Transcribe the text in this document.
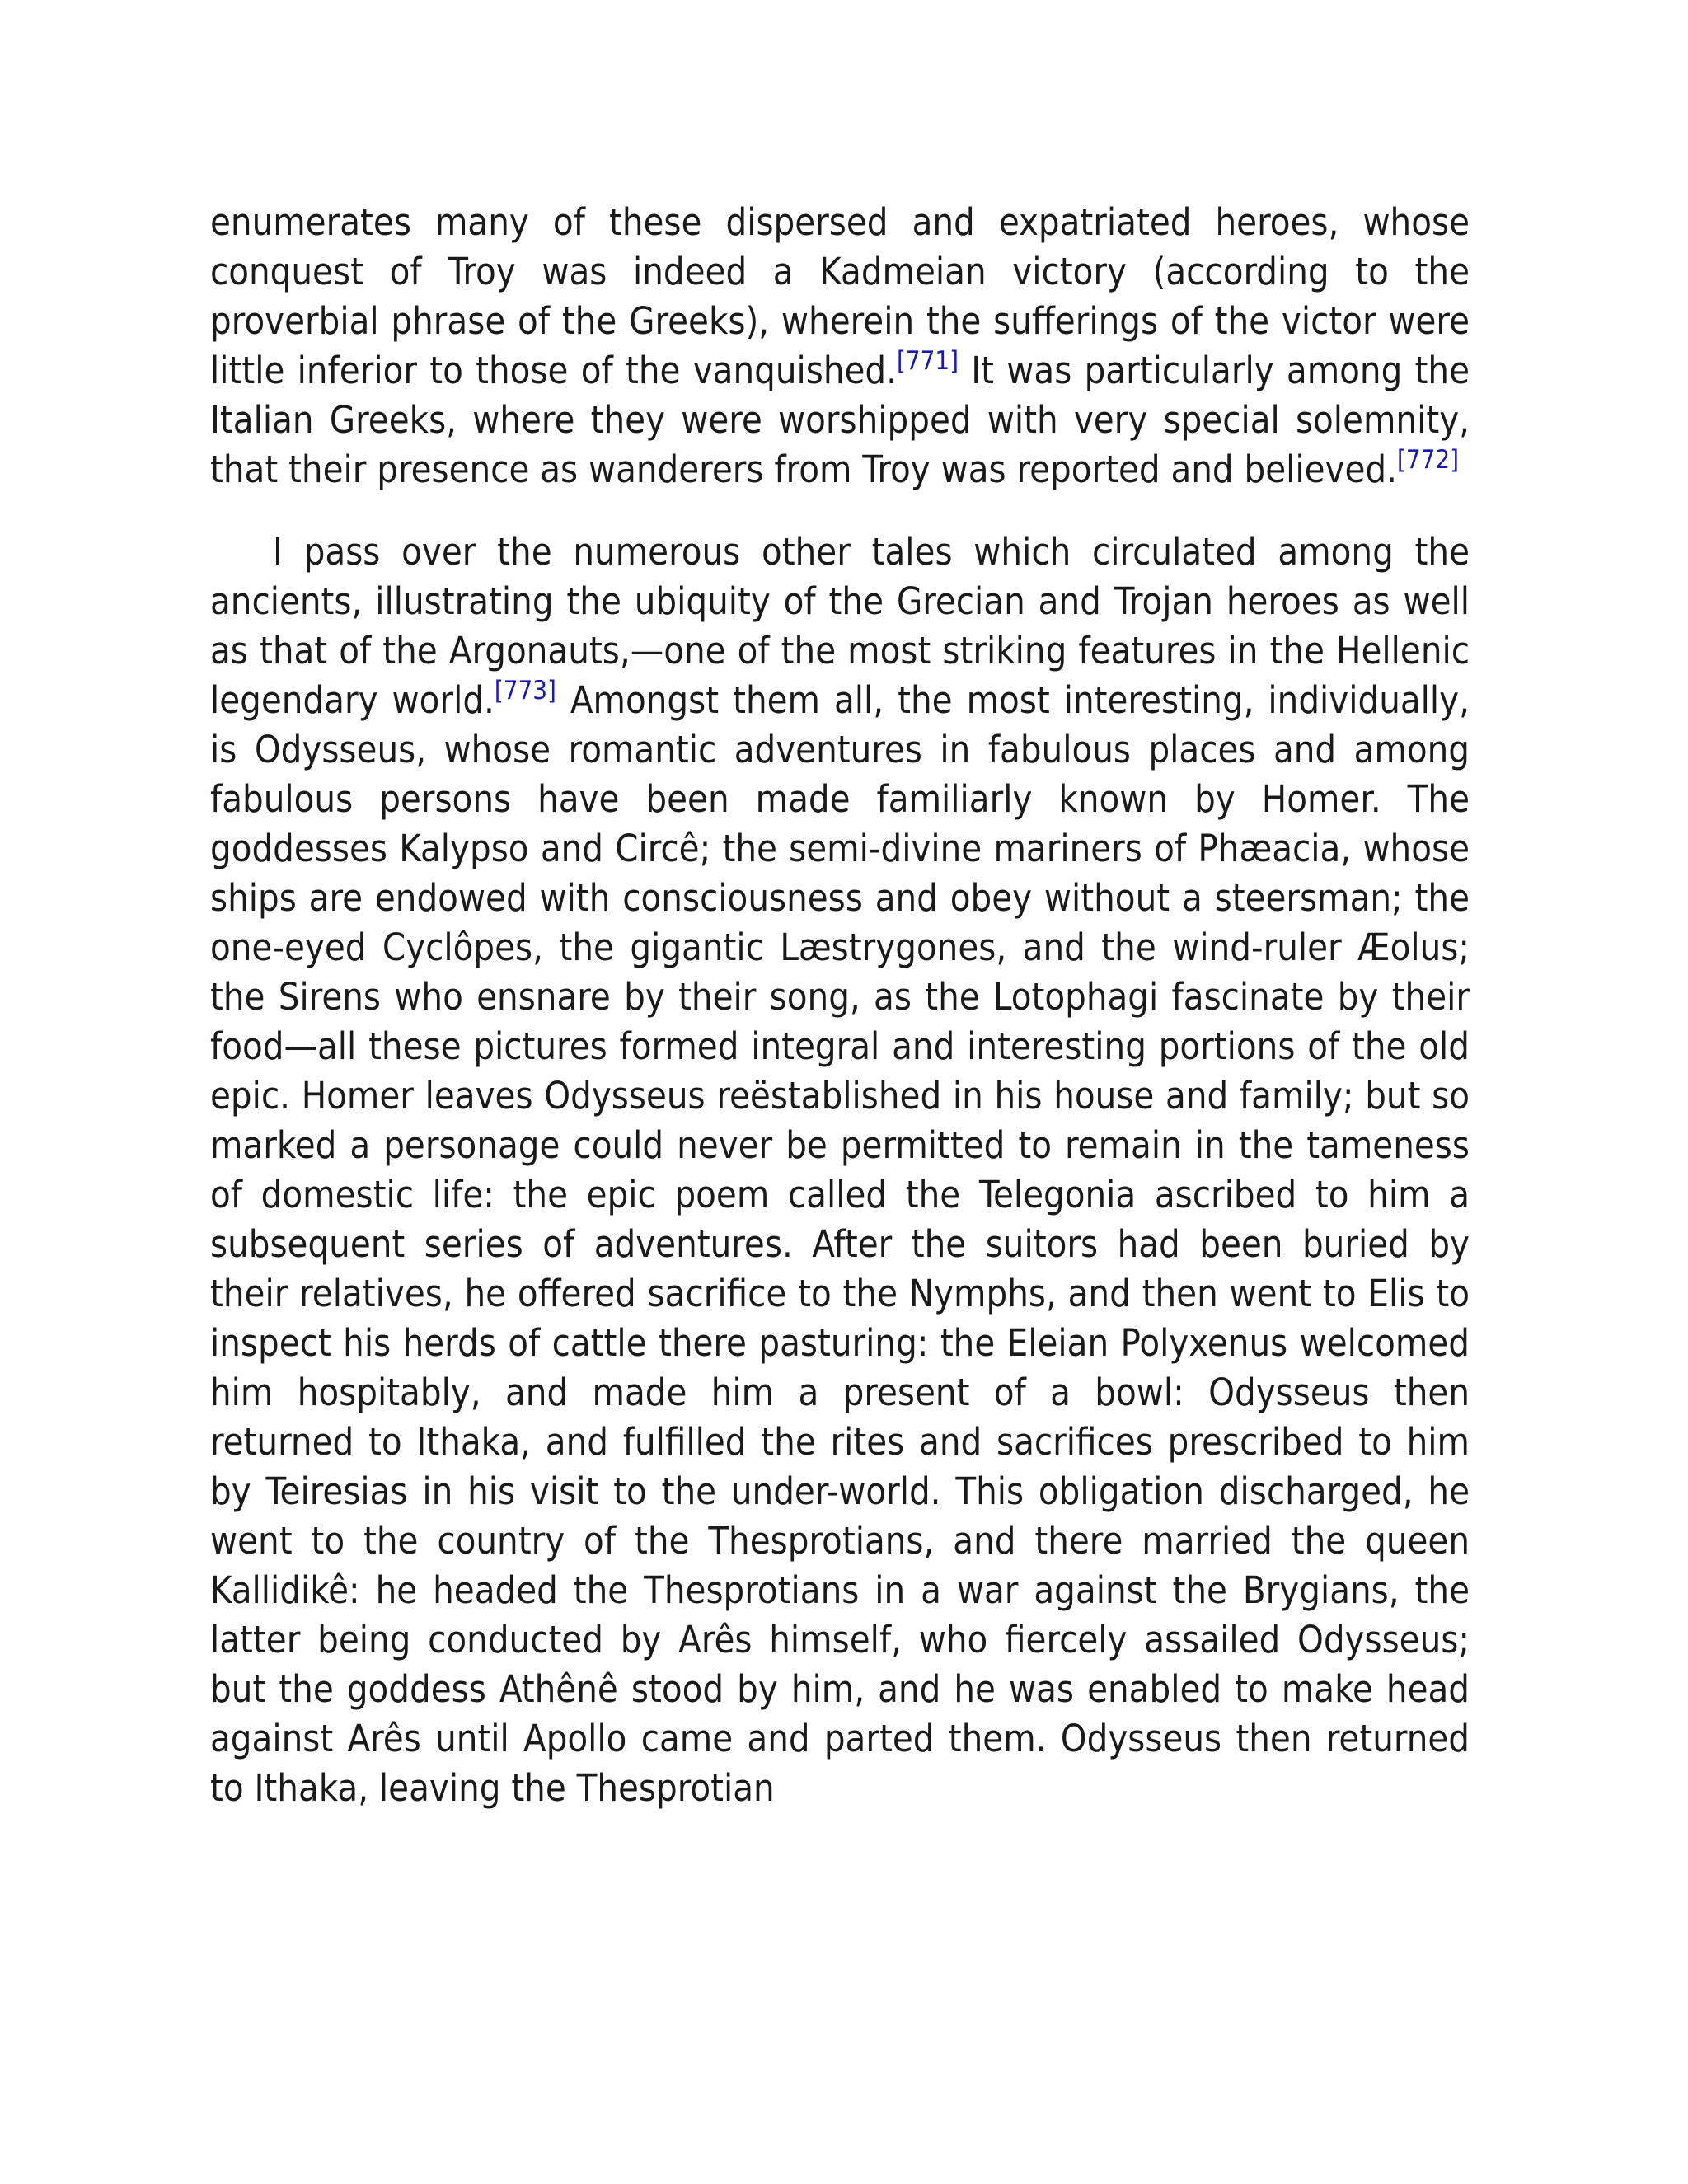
enumerates many of these dispersed and expatriated heroes, whose conquest of Troy was indeed a Kadmeian victory (according to the proverbial phrase of the Greeks), wherein the sufferings of the victor were little inferior to those of the vanquished.[771] It was particularly among the Italian Greeks, where they were worshipped with very special solemnity, that their presence as wanderers from Troy was reported and believed.[772]

I pass over the numerous other tales which circulated among the ancients, illustrating the ubiquity of the Grecian and Trojan heroes as well as that of the Argonauts,—one of the most striking features in the Hellenic legendary world.[773] Amongst them all, the most interesting, individually, is Odysseus, whose romantic adventures in fabulous places and among fabulous persons have been made familiarly known by Homer. The goddesses Kalypso and Circê; the semi-divine mariners of Phæacia, whose ships are endowed with consciousness and obey without a steersman; the one-eyed Cyclôpes, the gigantic Læstrygones, and the wind-ruler Æolus; the Sirens who ensnare by their song, as the Lotophagi fascinate by their food—all these pictures formed integral and interesting portions of the old epic. Homer leaves Odysseus reëstablished in his house and family; but so marked a personage could never be permitted to remain in the tameness of domestic life: the epic poem called the Telegonia ascribed to him a subsequent series of adventures. After the suitors had been buried by their relatives, he offered sacrifice to the Nymphs, and then went to Elis to inspect his herds of cattle there pasturing: the Eleian Polyxenus welcomed him hospitably, and made him a present of a bowl: Odysseus then returned to Ithaka, and fulfilled the rites and sacrifices prescribed to him by Teiresias in his visit to the under-world. This obligation discharged, he went to the country of the Thesprotians, and there married the queen Kallidikê: he headed the Thesprotians in a war against the Brygians, the latter being conducted by Arês himself, who fiercely assailed Odysseus; but the goddess Athênê stood by him, and he was enabled to make head against Arês until Apollo came and parted them. Odysseus then returned to Ithaka, leaving the Thesprotian
